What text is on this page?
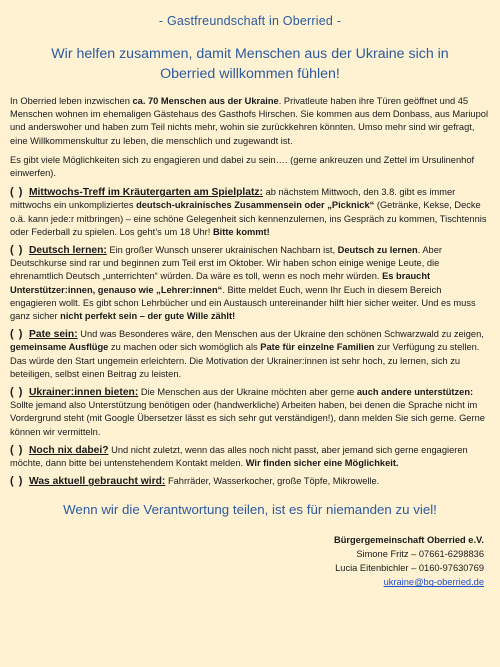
- Gastfreundschaft in Oberried -
Wir helfen zusammen, damit Menschen aus der Ukraine sich in Oberried willkommen fühlen!

In Oberried leben inzwischen ca. 70 Menschen aus der Ukraine. Privatleute haben ihre Türen geöffnet und 45 Menschen wohnen im ehemaligen Gästehaus des Gasthofs Hirschen. Sie kommen aus dem Donbass, aus Mariupol und anderswoher und haben zum Teil nichts mehr, wohin sie zurückkehren könnten. Umso mehr sind wir gefragt, eine Willkommenskultur zu leben, die menschlich und zugewandt ist.

Es gibt viele Möglichkeiten sich zu engagieren und dabei zu sein…. (gerne ankreuzen und Zettel im Ursulinenhof einwerfen).

( ) Mittwochs-Treff im Kräutergarten am Spielplatz: ab nächstem Mittwoch, den 3.8. gibt es immer mittwochs ein unkompliziertes deutsch-ukrainisches Zusammensein oder „Picknick“ (Getränke, Kekse, Decke o.ä. kann jede:r mitbringen) – eine schöne Gelegenheit sich kennenzulernen, ins Gespräch zu kommen, Tischtennis oder Federball zu spielen. Los geht’s um 18 Uhr! Bitte kommt!

( ) Deutsch lernen: Ein großer Wunsch unserer ukrainischen Nachbarn ist, Deutsch zu lernen. Aber Deutschkurse sind rar und beginnen zum Teil erst im Oktober. Wir haben schon einige wenige Leute, die ehrenamtlich Deutsch „unterrichten“ würden. Da wäre es toll, wenn es noch mehr würden. Es braucht Unterstützer:innen, genauso wie „Lehrer:innen“. Bitte meldet Euch, wenn Ihr Euch in diesem Bereich engagieren wollt. Es gibt schon Lehrbücher und ein Austausch untereinander hilft hier sicher weiter. Und es muss ganz sicher nicht perfekt sein – der gute Wille zählt!

( ) Pate sein: Und was Besonderes wäre, den Menschen aus der Ukraine den schönen Schwarzwald zu zeigen, gemeinsame Ausflüge zu machen oder sich womöglich als Pate für einzelne Familien zur Verfügung zu stellen. Das würde den Start ungemein erleichtern. Die Motivation der Ukrainer:innen ist sehr hoch, zu lernen, sich zu beteiligen, selbst einen Beitrag zu leisten.

( ) Ukrainer:innen bieten: Die Menschen aus der Ukraine möchten aber gerne auch andere unterstützen: Sollte jemand also Unterstützung benötigen oder (handwerkliche) Arbeiten haben, bei denen die Sprache nicht im Vordergrund steht (mit Google Übersetzer lässt es sich sehr gut verständigen!), dann melden Sie sich gerne. Gerne können wir vermitteln.

( ) Noch nix dabei? Und nicht zuletzt, wenn das alles noch nicht passt, aber jemand sich gerne engagieren möchte, dann bitte bei untenstehendem Kontakt melden. Wir finden sicher eine Möglichkeit.

( ) Was aktuell gebraucht wird: Fahrräder, Wasserkocher, große Töpfe, Mikrowelle.

Wenn wir die Verantwortung teilen, ist es für niemanden zu viel!
Bürgergemeinschaft Oberried e.V.
Simone Fritz – 07661-6298836
Lucia Eitenbichler – 0160-97630769
ukraine@bg-oberried.de
